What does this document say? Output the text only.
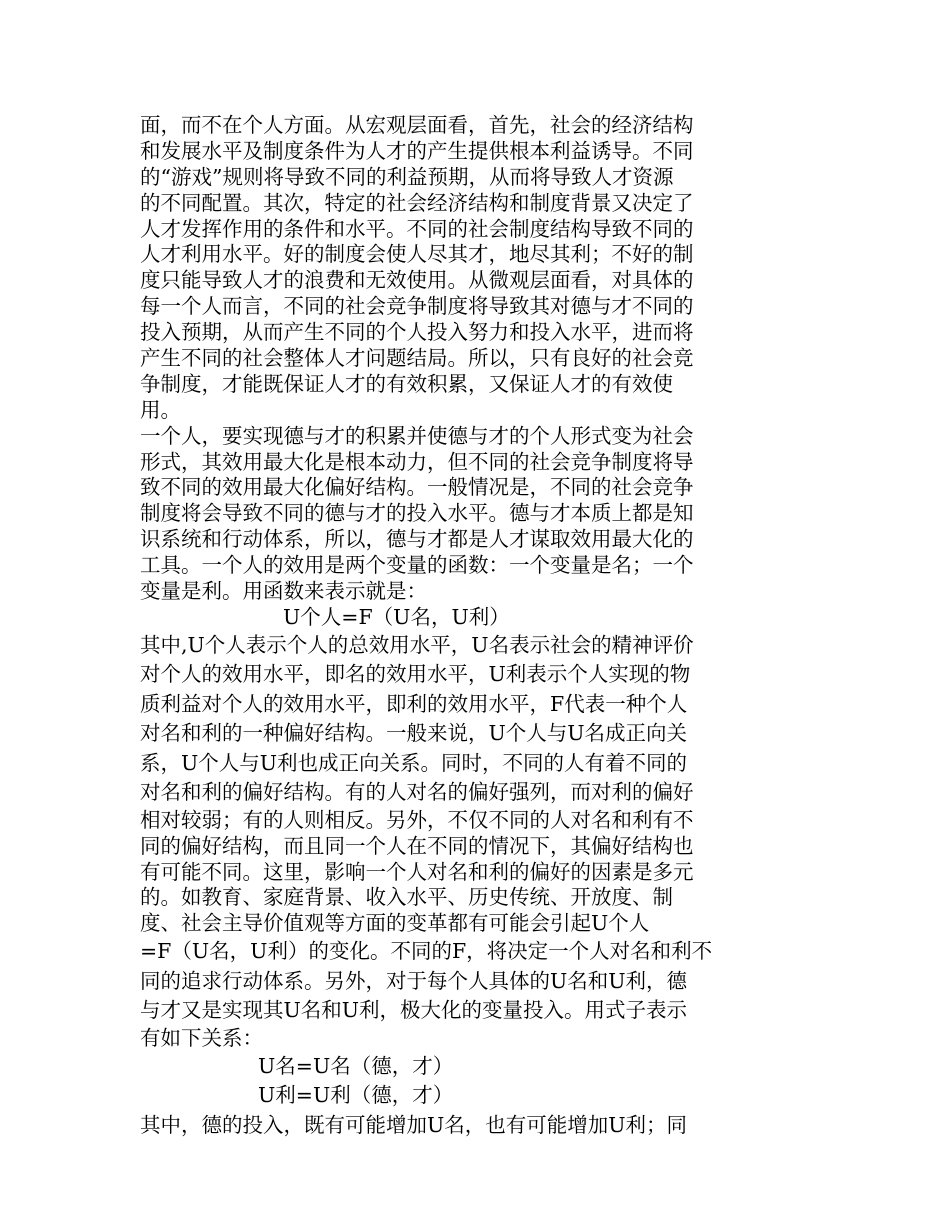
面，而不在个人方面。从宏观层面看，首先，社会的经济结构
和发展水平及制度条件为人才的产生提供根本利益诱导。不同
的“游戏”规则将导致不同的利益预期，从而将导致人才资源
的不同配置。其次，特定的社会经济结构和制度背景又决定了
人才发挥作用的条件和水平。不同的社会制度结构导致不同的
人才利用水平。好的制度会使人尽其才，地尽其利；不好的制
度只能导致人才的浪费和无效使用。从微观层面看，对具体的
每一个人而言，不同的社会竞争制度将导致其对德与才不同的
投入预期，从而产生不同的个人投入努力和投入水平，进而将
产生不同的社会整体人才问题结局。所以，只有良好的社会竞
争制度，才能既保证人才的有效积累，又保证人才的有效使
用。
一个人，要实现德与才的积累并使德与才的个人形式变为社会
形式，其效用最大化是根本动力，但不同的社会竞争制度将导
致不同的效用最大化偏好结构。一般情况是，不同的社会竞争
制度将会导致不同的德与才的投入水平。德与才本质上都是知
识系统和行动体系，所以，德与才都是人才谋取效用最大化的
工具。一个人的效用是两个变量的函数：一个变量是名；一个
变量是利。用函数来表示就是：
U个人=F（U名，U利）
其中,U个人表示个人的总效用水平，U名表示社会的精神评价
对个人的效用水平，即名的效用水平，U利表示个人实现的物
质利益对个人的效用水平，即利的效用水平，F代表一种个人
对名和利的一种偏好结构。一般来说，U个人与U名成正向关
系，U个人与U利也成正向关系。同时，不同的人有着不同的
对名和利的偏好结构。有的人对名的偏好强列，而对利的偏好
相对较弱；有的人则相反。另外，不仅不同的人对名和利有不
同的偏好结构，而且同一个人在不同的情况下，其偏好结构也
有可能不同。这里，影响一个人对名和利的偏好的因素是多元
的。如教育、家庭背景、收入水平、历史传统、开放度、制
度、社会主导价值观等方面的变革都有可能会引起U个人
=F（U名，U利）的变化。不同的F，将决定一个人对名和利不
同的追求行动体系。另外，对于每个人具体的U名和U利，德
与才又是实现其U名和U利，极大化的变量投入。用式子表示
有如下关系：
U名=U名（德，才）
U利=U利（德，才）
其中，德的投入，既有可能增加U名，也有可能增加U利；同
